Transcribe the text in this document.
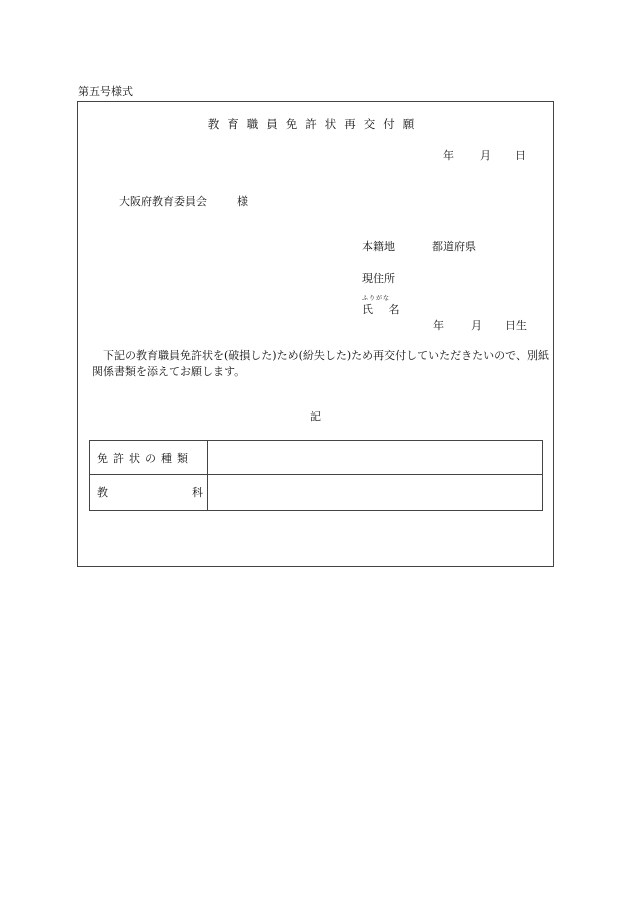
第五号様式
教育職員免許状再交付願
年 月 日
大阪府教育委員会	様
本籍地	都道府県
現住所
ふりがな
氏 名
年 月 日生
下記の教育職員免許状を(破損した)ため(紛失した)ため再交付していただきたいので、別紙関係書類を添えてお願します。
記
免許状の種類
教	科
